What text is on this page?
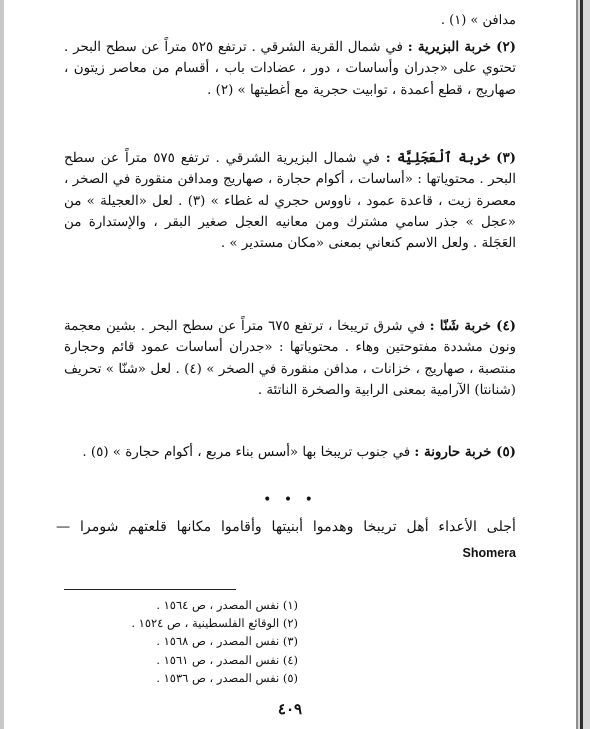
مدافن » (١) .
(٢) خربة البزيرية : في شمال القرية الشرقي . ترتفع ٥٢٥ متراً عن سطح البحر . تحتوي على «جدران وأساسات ، دور ، عضادات باب ، أقسام من معاصر زيتون ، صهاريج ، قطع أعمدة ، توابيت حجرية مع أغطيتها » (٢) .
(٣) خربة ٱلْعَجَلِيَّة : في شمال البزيرية الشرقي . ترتفع ٥٧٥ متراً عن سطح البحر . محتوياتها : «أساسات ، أكوام حجارة ، صهاريج ومدافن منقورة في الصخر ، معصرة زيت ، قاعدة عمود ، ناووس حجري له غطاء » (٣) . لعل «العجيلة » من «عجل » جذر سامي مشترك ومن معانيه العجل صغير البقر ، والإستدارة من العَجَلة . ولعل الاسم كنعاني بمعنى «مكان مستدير » .
(٤) خربة شَنّا : في شرق تريبخا ، ترتفع ٦٧٥ متراً عن سطح البحر . بشين معجمة ونون مشددة مفتوحتين وهاء . محتوياتها : «جدران أساسات عمود قائم وحجارة منتصبة ، صهاريج ، خزانات ، مدافن منقورة في الصخر » (٤) . لعل «شنّا » تحريف (شنانتا) الآرامية بمعنى الرابية والصخرة الناتئة .
(٥) خربة حارونة : في جنوب تريبخا بها «أسس بناء مربع ، أكوام حجارة » (٥) .
• • •
أجلى الأعداء أهل تريبخا وهدموا أبنيتها وأقاموا مكانها قلعتهم شومرا — Shomera
(١) نفس المصدر ، ص ١٥٦٤ .
(٢) الوقائع الفلسطينية ، ص ١٥٢٤ .
(٣) نفس المصدر ، ص ١٥٦٨ .
(٤) نفس المصدر ، ص ١٥٦١ .
(٥) نفس المصدر ، ص ١٥٣٦ .
٤٠٩
